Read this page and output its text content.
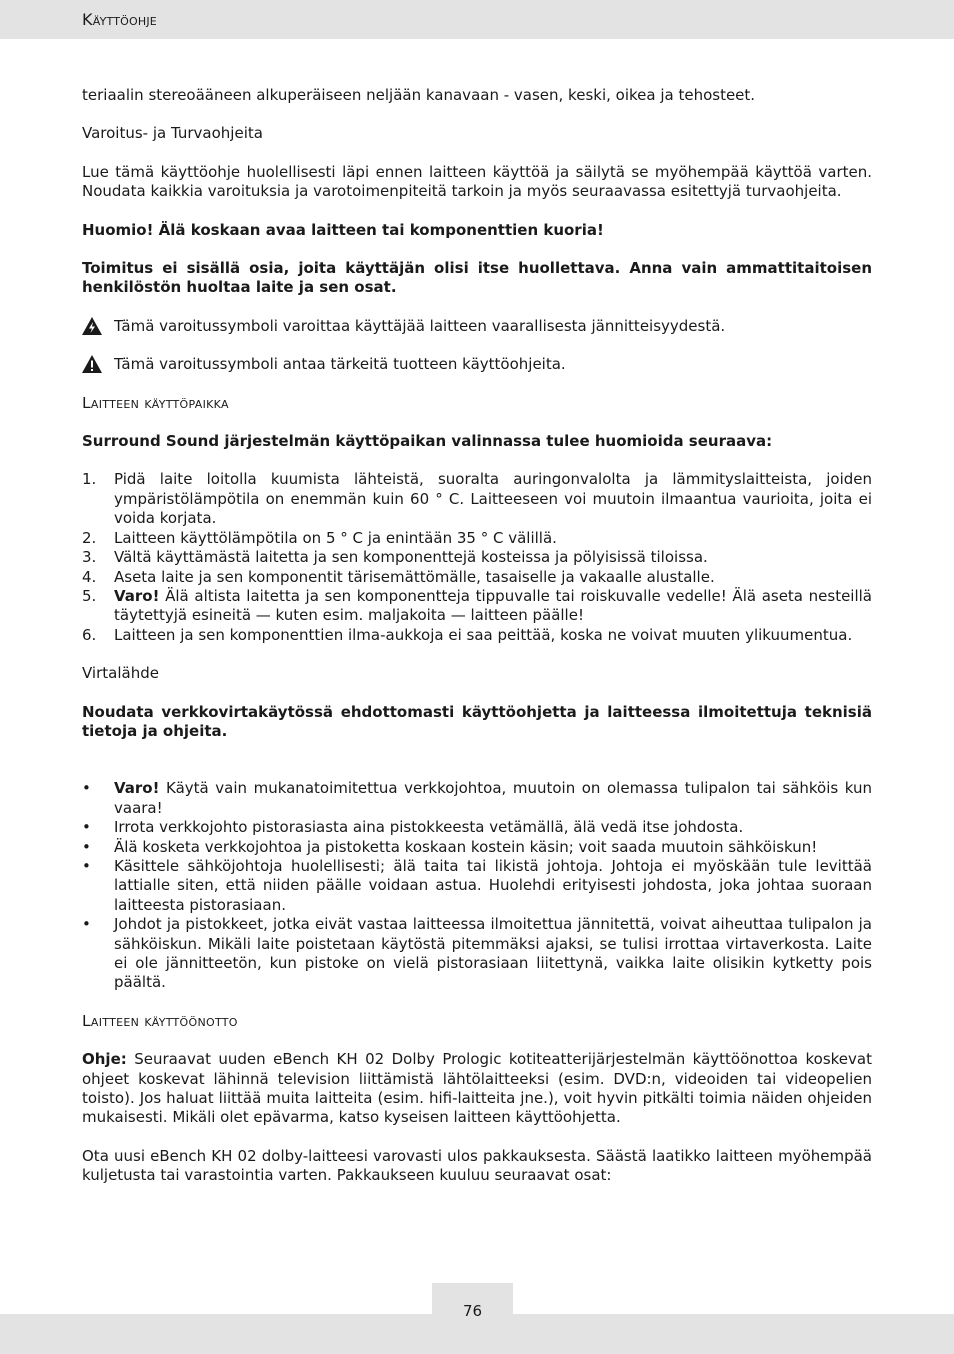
Käyttöohje

teriaalin stereoääneen alkuperäiseen neljään kanavaan - vasen, keski, oikea ja tehosteet.

Varoitus- ja Turvaohjeita

Lue tämä käyttöohje huolellisesti läpi ennen laitteen käyttöä ja säilytä se myöhempää käyttöä varten. Noudata kaikkia varoituksia ja varotoimenpiteitä tarkoin ja myös seuraavassa esitettyjä turvaohjeita.

Huomio! Älä koskaan avaa laitteen tai komponenttien kuoria!

Toimitus ei sisällä osia, joita käyttäjän olisi itse huollettava. Anna vain ammattitaitoisen henkilöstön huoltaa laite ja sen osat.

Tämä varoitussymboli varoittaa käyttäjää laitteen vaarallisesta jännitteisyydestä.
Tämä varoitussymboli antaa tärkeitä tuotteen käyttöohjeita.

Laitteen käyttöpaikka

Surround Sound järjestelmän käyttöpaikan valinnassa tulee huomioida seuraava:

1. Pidä laite loitolla kuumista lähteistä, suoralta auringonvalolta ja lämmityslaitteista, joiden ympäristölämpötila on enemmän kuin 60 ° C. Laitteeseen voi muutoin ilmaantua vaurioita, joita ei voida korjata.
2. Laitteen käyttölämpötila on 5 ° C ja enintään 35 ° C välillä.
3. Vältä käyttämästä laitetta ja sen komponenttejä kosteissa ja pölyisissä tiloissa.
4. Aseta laite ja sen komponentit tärisemättömälle, tasaiselle ja vakaalle alustalle.
5. Varo! Älä altista laitetta ja sen komponentteja tippuvalle tai roiskuvalle vedelle! Älä aseta nesteillä täytettyjä esineitä — kuten esim. maljakoita — laitteen päälle!
6. Laitteen ja sen komponenttien ilma-aukkoja ei saa peittää, koska ne voivat muuten ylikuumentua.

Virtalähde

Noudata verkkovirtakäytössä ehdottomasti käyttöohjetta ja laitteessa ilmoitettuja teknisiä tietoja ja ohjeita.

• Varo! Käytä vain mukanatoimitettua verkkojohtoa, muutoin on olemassa tulipalon tai sähköis kun vaara!
• Irrota verkkojohto pistorasiasta aina pistokkeesta vetämällä, älä vedä itse johdosta.
• Älä kosketa verkkojohtoa ja pistoketta koskaan kostein käsin; voit saada muutoin sähköiskun!
• Käsittele sähköjohtoja huolellisesti; älä taita tai likistä johtoja. Johtoja ei myöskään tule levittää lattialle siten, että niiden päälle voidaan astua. Huolehdi erityisesti johdosta, joka johtaa suoraan laitteesta pistorasiaan.
• Johdot ja pistokkeet, jotka eivät vastaa laitteessa ilmoitettua jännitettä, voivat aiheuttaa tulipalon ja sähköiskun. Mikäli laite poistetaan käytöstä pitemmäksi ajaksi, se tulisi irrottaa virtaverkosta. Laite ei ole jännitteetön, kun pistoke on vielä pistorasiaan liitettynä, vaikka laite olisikin kytketty pois päältä.

Laitteen käyttöönotto

Ohje: Seuraavat uuden eBench KH 02 Dolby Prologic kotiteatterijärjestelmän käyttöönottoa koskevat ohjeet koskevat lähinnä television liittämistä lähtölaitteeksi (esim. DVD:n, videoiden tai videopelien toisto). Jos haluat liittää muita laitteita (esim. hifi-laitteita jne.), voit hyvin pitkälti toimia näiden ohjeiden mukaisesti. Mikäli olet epävarma, katso kyseisen laitteen käyttöohjetta.

Ota uusi eBench KH 02 dolby-laitteesi varovasti ulos pakkauksesta. Säästä laatikko laitteen myöhempää kuljetusta tai varastointia varten. Pakkaukseen kuuluu seuraavat osat:

76
